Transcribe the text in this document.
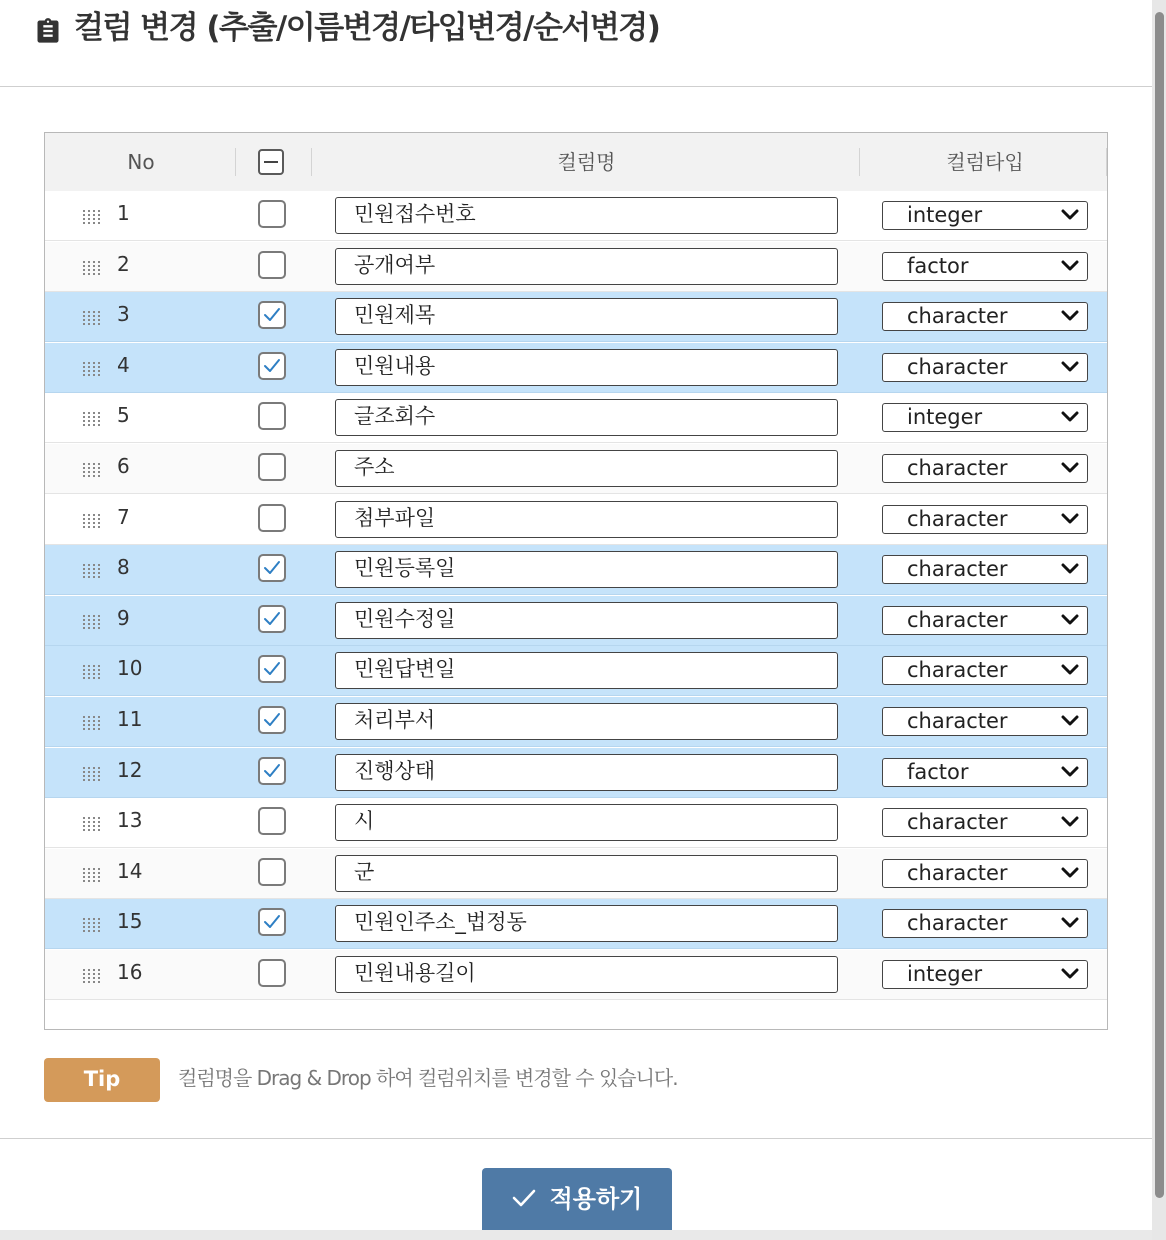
컬럼 변경 (추출/이름변경/타입변경/순서변경)
No	컬럼명	컬럼타입
1	민원접수번호	integer
2	공개여부	factor
3	민원제목	character
4	민원내용	character
5	글조회수	integer
6	주소	character
7	첨부파일	character
8	민원등록일	character
9	민원수정일	character
10	민원답변일	character
11	처리부서	character
12	진행상태	factor
13	시	character
14	군	character
15	민원인주소_법정동	character
16	민원내용길이	integer
Tip	컬럼명을 Drag & Drop 하여 컬럼위치를 변경할 수 있습니다.
적용하기
